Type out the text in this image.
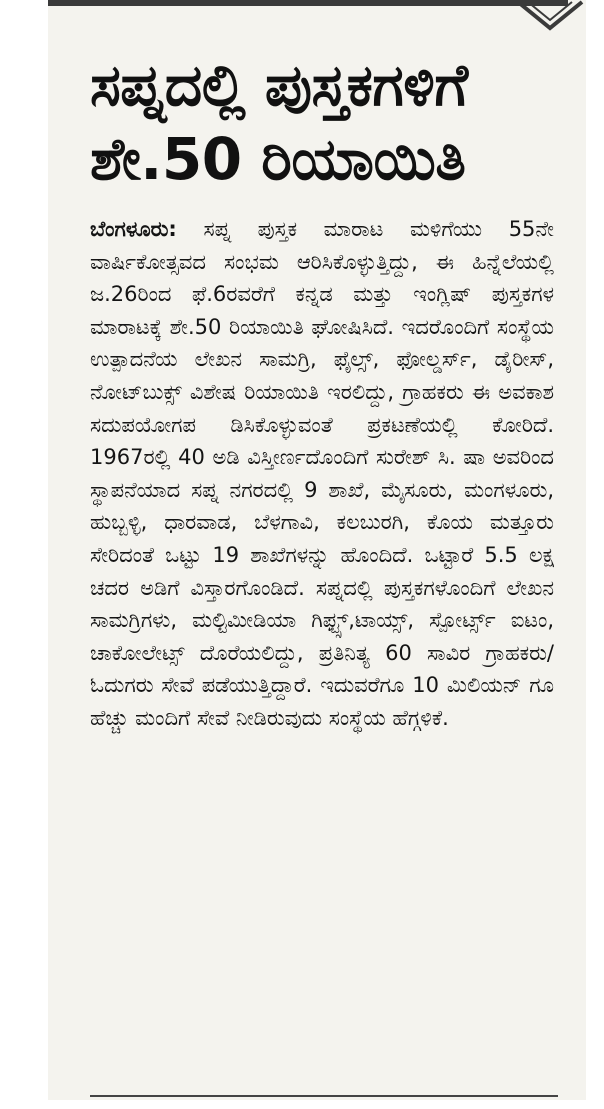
ಸಪ್ನದಲ್ಲಿ ಪುಸ್ತಕಗಳಿಗೆ
ಶೇ.50 ರಿಯಾಯಿತಿ

ಬೆಂಗಳೂರು: ಸಪ್ನ ಪುಸ್ತಕ ಮಾರಾಟ ಮಳಿಗೆಯು 55ನೇ ವಾರ್ಷಿಕೋತ್ಸವದ ಸಂಭಮ ಆರಿಸಿಕೊಳ್ಳುತ್ತಿದ್ದು, ಈ ಹಿನ್ನೆಲೆಯಲ್ಲಿ ಜ.26ರಿಂದ ಫೆ.6ರವರೆಗೆ ಕನ್ನಡ ಮತ್ತು ಇಂಗ್ಲಿಷ್ ಪುಸ್ತಕಗಳ ಮಾರಾಟಕ್ಕೆ ಶೇ.50 ರಿಯಾಯಿತಿ ಘೋಷಿಸಿದೆ. ಇದರೊಂದಿಗೆ ಸಂಸ್ಥೆಯ ಉತ್ಪಾದನೆಯ ಲೇಖನ ಸಾಮಗ್ರಿ, ಫೈಲ್ಸ್, ಫೋಲ್ಡರ್ಸ್, ಡೈರೀಸ್, ನೋಟ್‌ಬುಕ್ಸ್ ವಿಶೇಷ ರಿಯಾಯಿತಿ ಇರಲಿದ್ದು, ಗ್ರಾಹಕರು ಈ ಅವಕಾಶ ಸದುಪಯೋಗಪ ಡಿಸಿಕೊಳ್ಳುವಂತೆ ಪ್ರಕಟಣೆಯಲ್ಲಿ ಕೋರಿದೆ. 1967ರಲ್ಲಿ 40 ಅಡಿ ವಿಸ್ತೀರ್ಣದೊಂದಿಗೆ ಸುರೇಶ್ ಸಿ. ಷಾ ಅವರಿಂದ ಸ್ಥಾಪನೆಯಾದ ಸಪ್ನ ನಗರದಲ್ಲಿ 9 ಶಾಖೆ, ಮೈಸೂರು, ಮಂಗಳೂರು, ಹುಬ್ಬಳ್ಳಿ, ಧಾರವಾಡ, ಬೆಳಗಾವಿ, ಕಲಬುರಗಿ, ಕೊಯ ಮತ್ತೂರು ಸೇರಿದಂತೆ ಒಟ್ಟು 19 ಶಾಖೆಗಳನ್ನು ಹೊಂದಿದೆ. ಒಟ್ಟಾರೆ 5.5 ಲಕ್ಷ ಚದರ ಅಡಿಗೆ ವಿಸ್ತಾರಗೊಂಡಿದೆ. ಸಪ್ನದಲ್ಲಿ ಪುಸ್ತಕಗಳೊಂದಿಗೆ ಲೇಖನ ಸಾಮಗ್ರಿಗಳು, ಮಲ್ಟಿಮೀಡಿಯಾ ಗಿಫ್ಟ್ಸ್,ಟಾಯ್ಸ್, ಸ್ಪೋರ್ಟ್ಸ್ ಐಟಂ, ಚಾಕೋಲೇಟ್ಸ್ ದೊರೆಯಲಿದ್ದು, ಪ್ರತಿನಿತ್ಯ 60 ಸಾವಿರ ಗ್ರಾಹಕರು/ ಓದುಗರು ಸೇವೆ ಪಡೆಯುತ್ತಿದ್ದಾರೆ. ಇದುವರೆಗೂ 10 ಮಿಲಿಯನ್ ಗೂ ಹೆಚ್ಚು ಮಂದಿಗೆ ಸೇವೆ ನೀಡಿರುವುದು ಸಂಸ್ಥೆಯ ಹೆಗ್ಗಳಿಕೆ.
